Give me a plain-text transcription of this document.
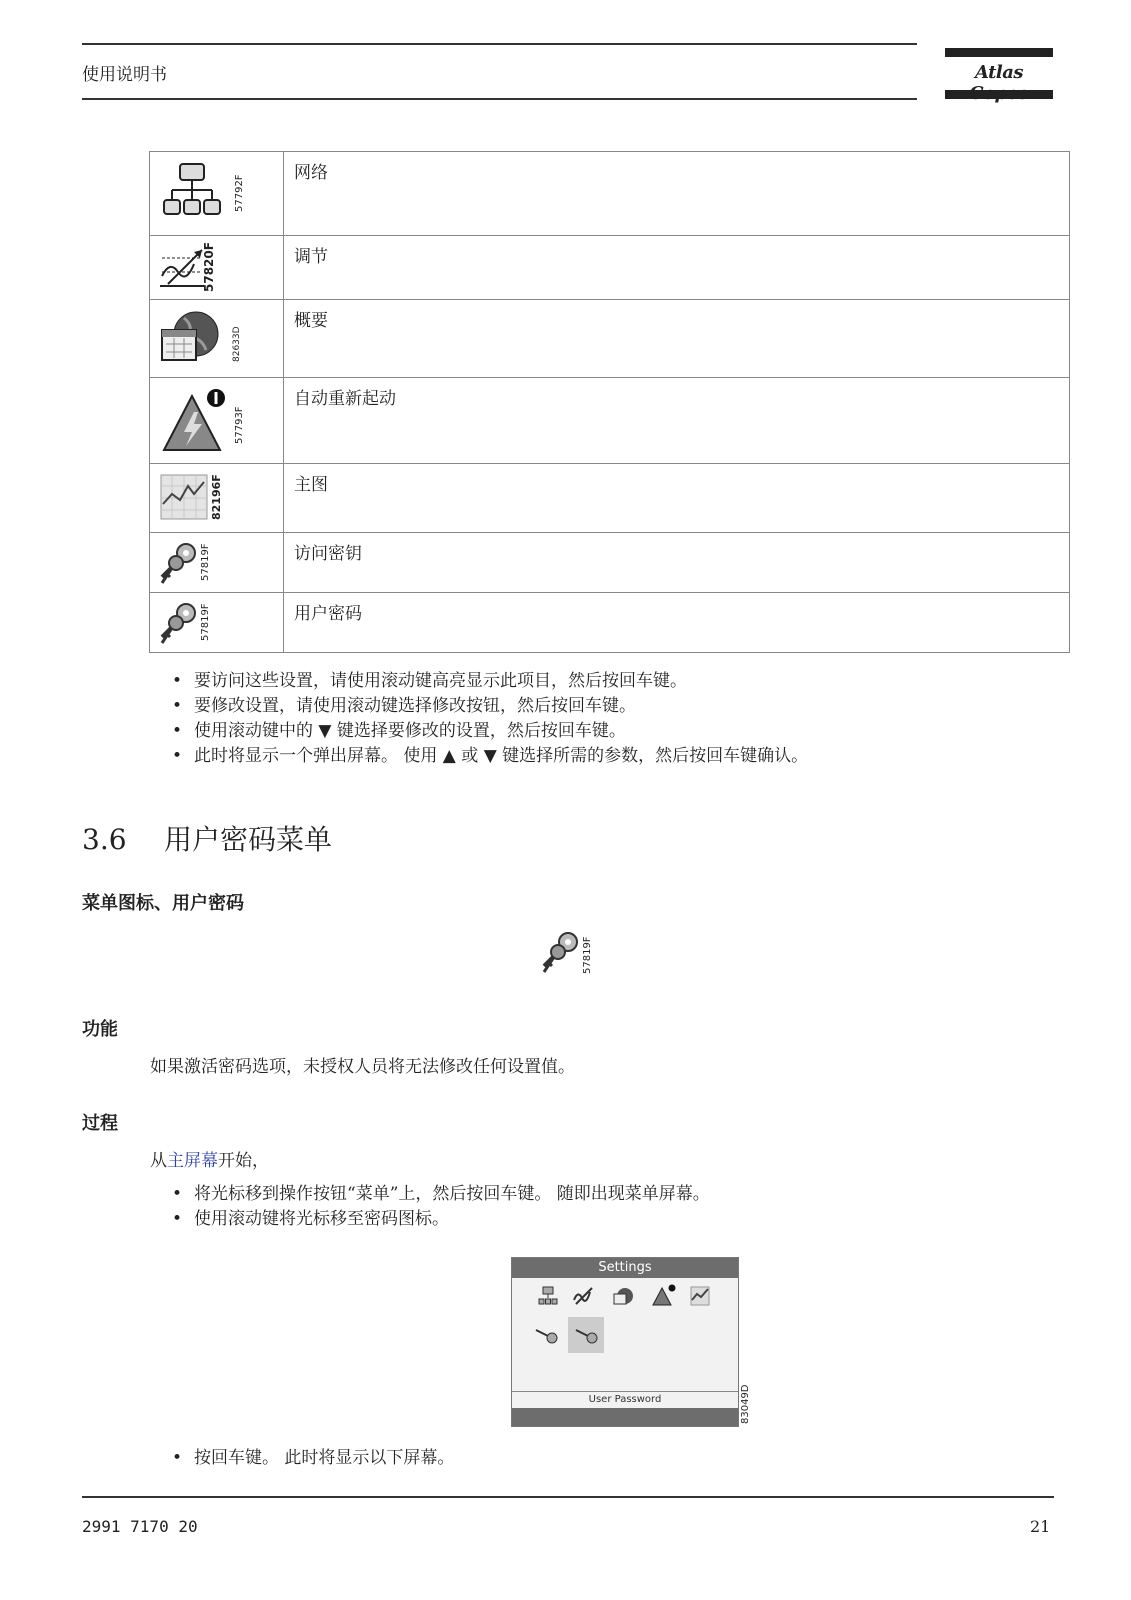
使用说明书	Atlas
57792F	网络

57820F	调节

82633D	概要

57793F	自动重新起动

82196F	主图

57819F	访问密钥

57819F	用户密码
• 要访问这些设置，请使用滚动键高亮显示此项目，然后按回车键。
• 要修改设置，请使用滚动键选择修改按钮，然后按回车键。
• 使用滚动键中的 ▼ 键选择要修改的设置，然后按回车键。
• 此时将显示一个弹出屏幕。 使用 ▲ 或 ▼ 键选择所需的参数，然后按回车键确认。
3.6 用户密码菜单
菜单图标、用户密码
57819F
功能
如果激活密码选项，未授权人员将无法修改任何设置值。
过程
从主屏幕开始，
• 将光标移到操作按钮“菜单”上，然后按回车键。 随即出现菜单屏幕。
• 使用滚动键将光标移至密码图标。
Settings
User Password	83049D
• 按回车键。 此时将显示以下屏幕。
2991 7170 20	21
